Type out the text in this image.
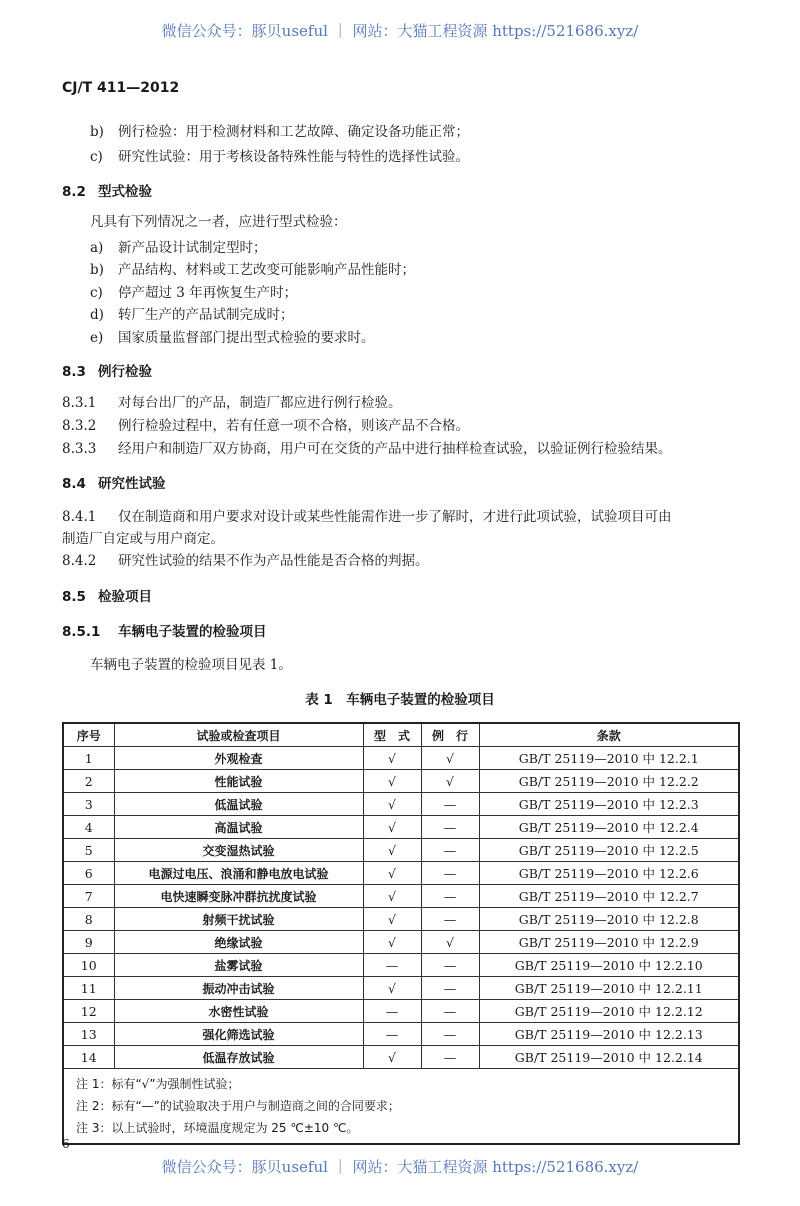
微信公众号：豚贝useful ｜ 网站：大猫工程资源 https://521686.xyz/
CJ/T 411—2012
b) 例行检验：用于检测材料和工艺故障、确定设备功能正常；
c) 研究性试验：用于考核设备特殊性能与特性的选择性试验。
8.2 型式检验
凡具有下列情况之一者，应进行型式检验：
a) 新产品设计试制定型时；
b) 产品结构、材料或工艺改变可能影响产品性能时；
c) 停产超过 3 年再恢复生产时；
d) 转厂生产的产品试制完成时；
e) 国家质量监督部门提出型式检验的要求时。
8.3 例行检验
8.3.1 对每台出厂的产品，制造厂都应进行例行检验。
8.3.2 例行检验过程中，若有任意一项不合格，则该产品不合格。
8.3.3 经用户和制造厂双方协商，用户可在交货的产品中进行抽样检查试验，以验证例行检验结果。
8.4 研究性试验
8.4.1 仅在制造商和用户要求对设计或某些性能需作进一步了解时，才进行此项试验，试验项目可由
制造厂自定或与用户商定。
8.4.2 研究性试验的结果不作为产品性能是否合格的判据。
8.5 检验项目
8.5.1 车辆电子装置的检验项目
车辆电子装置的检验项目见表 1。
表 1　车辆电子装置的检验项目
序号	试验或检查项目	型　式	例　行	条款
1	外观检查	√	√	GB/T 25119—2010 中 12.2.1
2	性能试验	√	√	GB/T 25119—2010 中 12.2.2
3	低温试验	√	—	GB/T 25119—2010 中 12.2.3
4	高温试验	√	—	GB/T 25119—2010 中 12.2.4
5	交变湿热试验	√	—	GB/T 25119—2010 中 12.2.5
6	电源过电压、浪涌和静电放电试验	√	—	GB/T 25119—2010 中 12.2.6
7	电快速瞬变脉冲群抗扰度试验	√	—	GB/T 25119—2010 中 12.2.7
8	射频干扰试验	√	—	GB/T 25119—2010 中 12.2.8
9	绝缘试验	√	√	GB/T 25119—2010 中 12.2.9
10	盐雾试验	—	—	GB/T 25119—2010 中 12.2.10
11	振动冲击试验	√	—	GB/T 25119—2010 中 12.2.11
12	水密性试验	—	—	GB/T 25119—2010 中 12.2.12
13	强化筛选试验	—	—	GB/T 25119—2010 中 12.2.13
14	低温存放试验	√	—	GB/T 25119—2010 中 12.2.14

注 1：标有“√”为强制性试验；
注 2：标有“—”的试验取决于用户与制造商之间的合同要求；
注 3：以上试验时，环境温度规定为 25 ℃±10 ℃。				
6
微信公众号：豚贝useful ｜ 网站：大猫工程资源 https://521686.xyz/
